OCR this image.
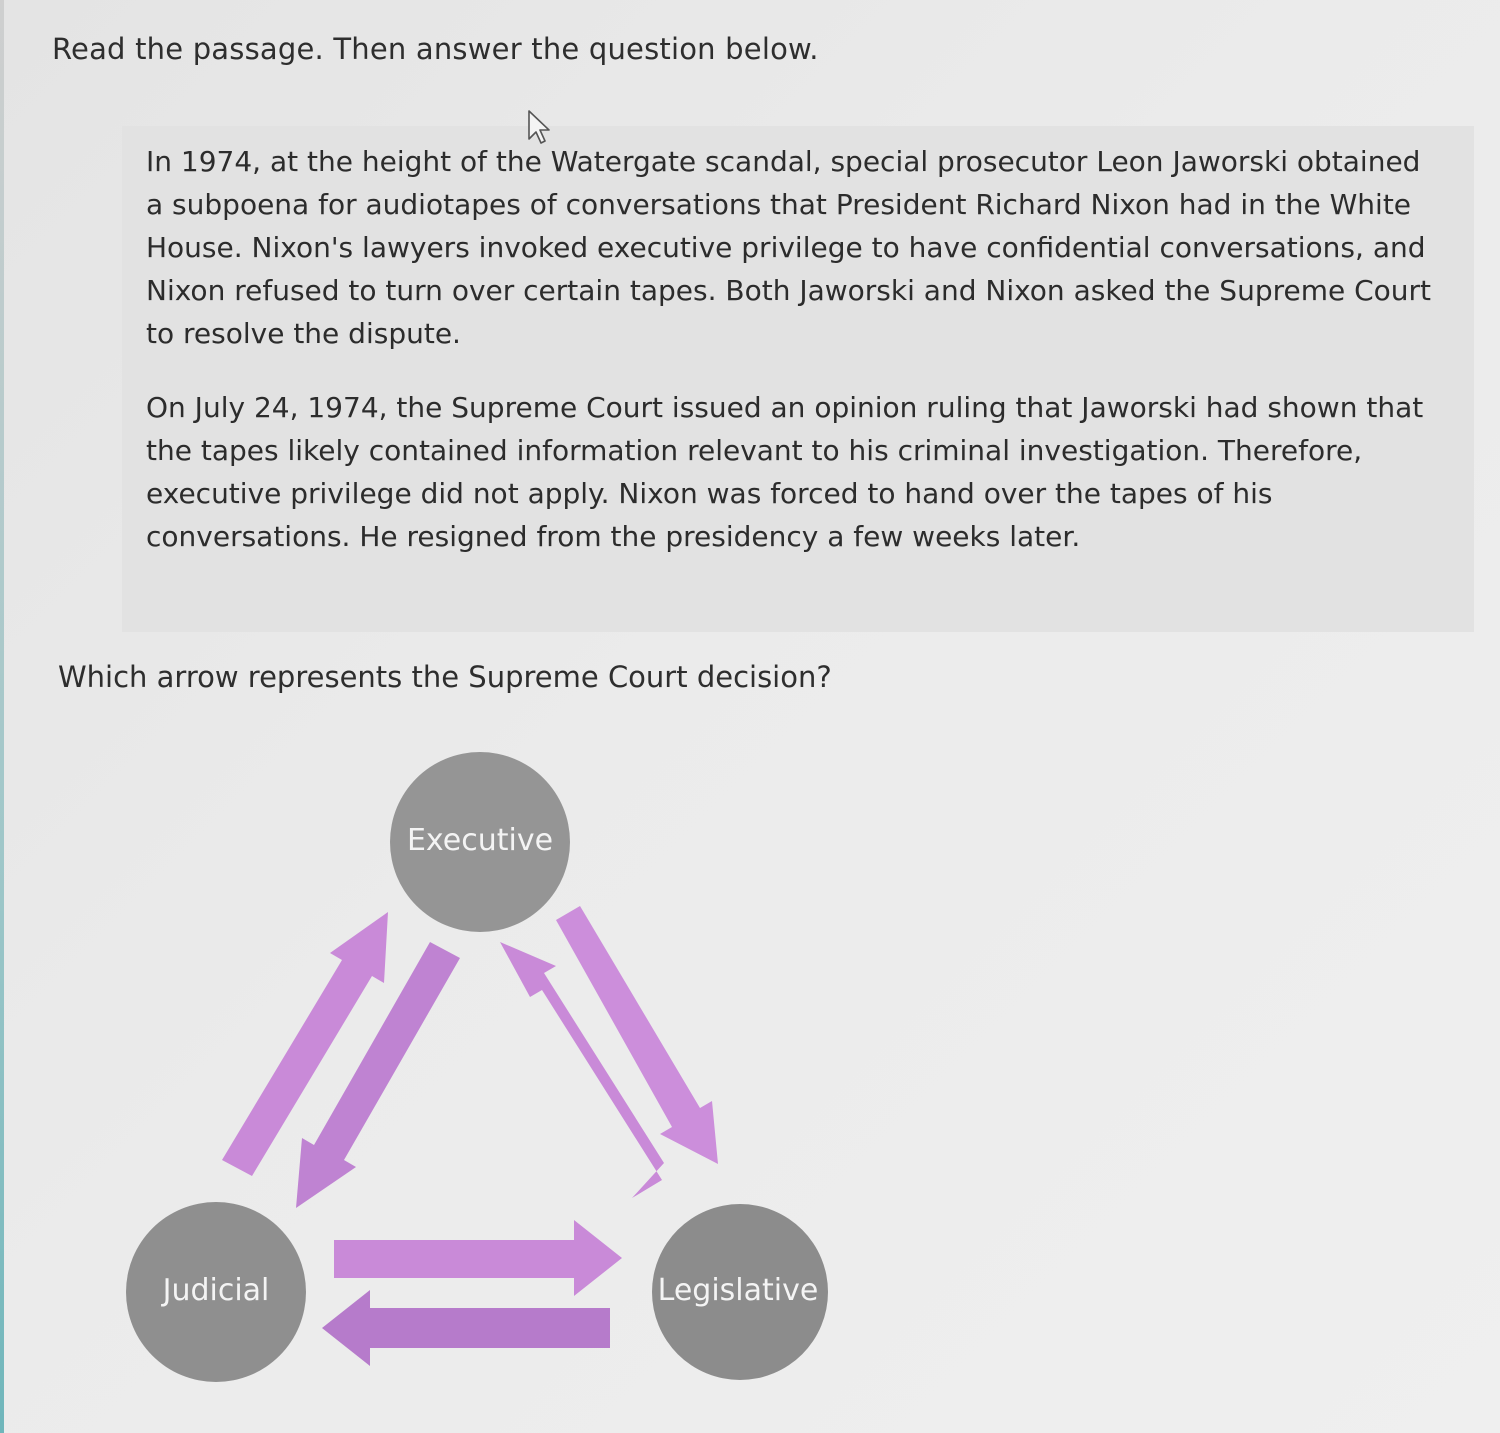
Read the passage. Then answer the question below.
In 1974, at the height of the Watergate scandal, special prosecutor Leon Jaworski obtained a subpoena for audiotapes of conversations that President Richard Nixon had in the White House. Nixon's lawyers invoked executive privilege to have confidential conversations, and Nixon refused to turn over certain tapes. Both Jaworski and Nixon asked the Supreme Court to resolve the dispute.
On July 24, 1974, the Supreme Court issued an opinion ruling that Jaworski had shown that the tapes likely contained information relevant to his criminal investigation. Therefore, executive privilege did not apply. Nixon was forced to hand over the tapes of his conversations. He resigned from the presidency a few weeks later.
Which arrow represents the Supreme Court decision?
Executive
Judicial	Legislative
